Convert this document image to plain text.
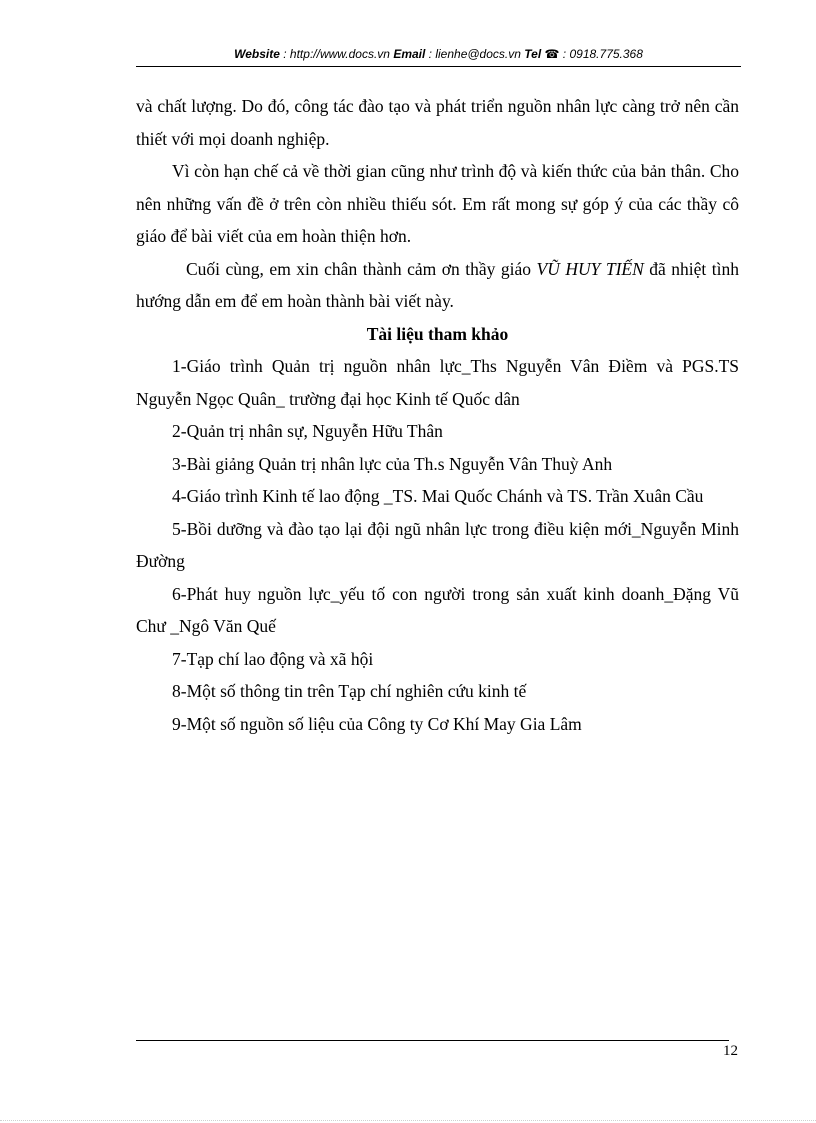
Website : http://www.docs.vn Email : lienhe@docs.vn Tel ☎ : 0918.775.368

và chất lượng. Do đó, công tác đào tạo và phát triển nguồn nhân lực càng trở nên cần thiết với mọi doanh nghiệp.

Vì còn hạn chế cả về thời gian cũng như trình độ và kiến thức của bản thân. Cho nên những vấn đề ở trên còn nhiều thiếu sót. Em rất mong sự góp ý của các thầy cô giáo để bài viết của em hoàn thiện hơn.

Cuối cùng, em xin chân thành cảm ơn thầy giáo VŨ HUY TIẾN đã nhiệt tình hướng dẫn em để em hoàn thành bài viết này.

Tài liệu tham khảo

1-Giáo trình Quản trị nguồn nhân lực_Ths Nguyễn Vân Điềm và PGS.TS Nguyễn Ngọc Quân_ trường đại học Kinh tế Quốc dân

2-Quản trị nhân sự, Nguyễn Hữu Thân

3-Bài giảng Quản trị nhân lực của Th.s Nguyễn Vân Thuỳ Anh

4-Giáo trình Kinh tế lao động _TS. Mai Quốc Chánh và TS. Trần Xuân Cầu

5-Bồi dưỡng và đào tạo lại đội ngũ nhân lực trong điều kiện mới_Nguyễn Minh Đường

6-Phát huy nguồn lực_yếu tố con người trong sản xuất kinh doanh_Đặng Vũ Chư _Ngô Văn Quế

7-Tạp chí lao động và xã hội

8-Một số thông tin trên Tạp chí nghiên cứu kinh tế

9-Một số nguồn số liệu của Công ty Cơ Khí May Gia Lâm

12
